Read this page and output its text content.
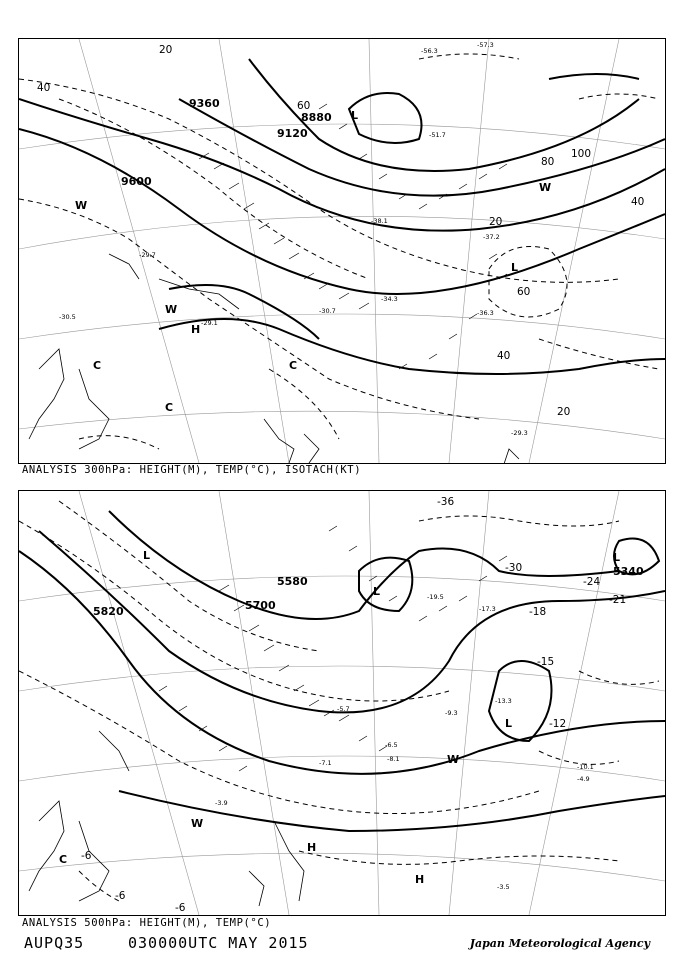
9600
9120
8880
9360
40
20
60
80
100
40
20
20
40
60
-29.7
-30.5
-29.1
-30.7
-34.3
-36.3
-37.2
-38.1
-51.7
-56.3
-57.3
-29.3
H
L
L
W
W
W
C
C
C
ANALYSIS 300hPa: HEIGHT(M), TEMP(°C), ISOTACH(KT)
5820	5700
5580
5340
-36
-30
-21
-24
-18
-15
-12
-6
-6
-6
-13.3
-17.3
-19.5
-8.1
-6.5
-3.5
-10.1
-4.9
-7.1
-5.7	-9.3
-3.9
H
H
L
L
L
L
W
W
C
ANALYSIS 500hPa: HEIGHT(M), TEMP(°C)
AUPQ35	030000UTC MAY 2015	Japan Meteorological Agency
